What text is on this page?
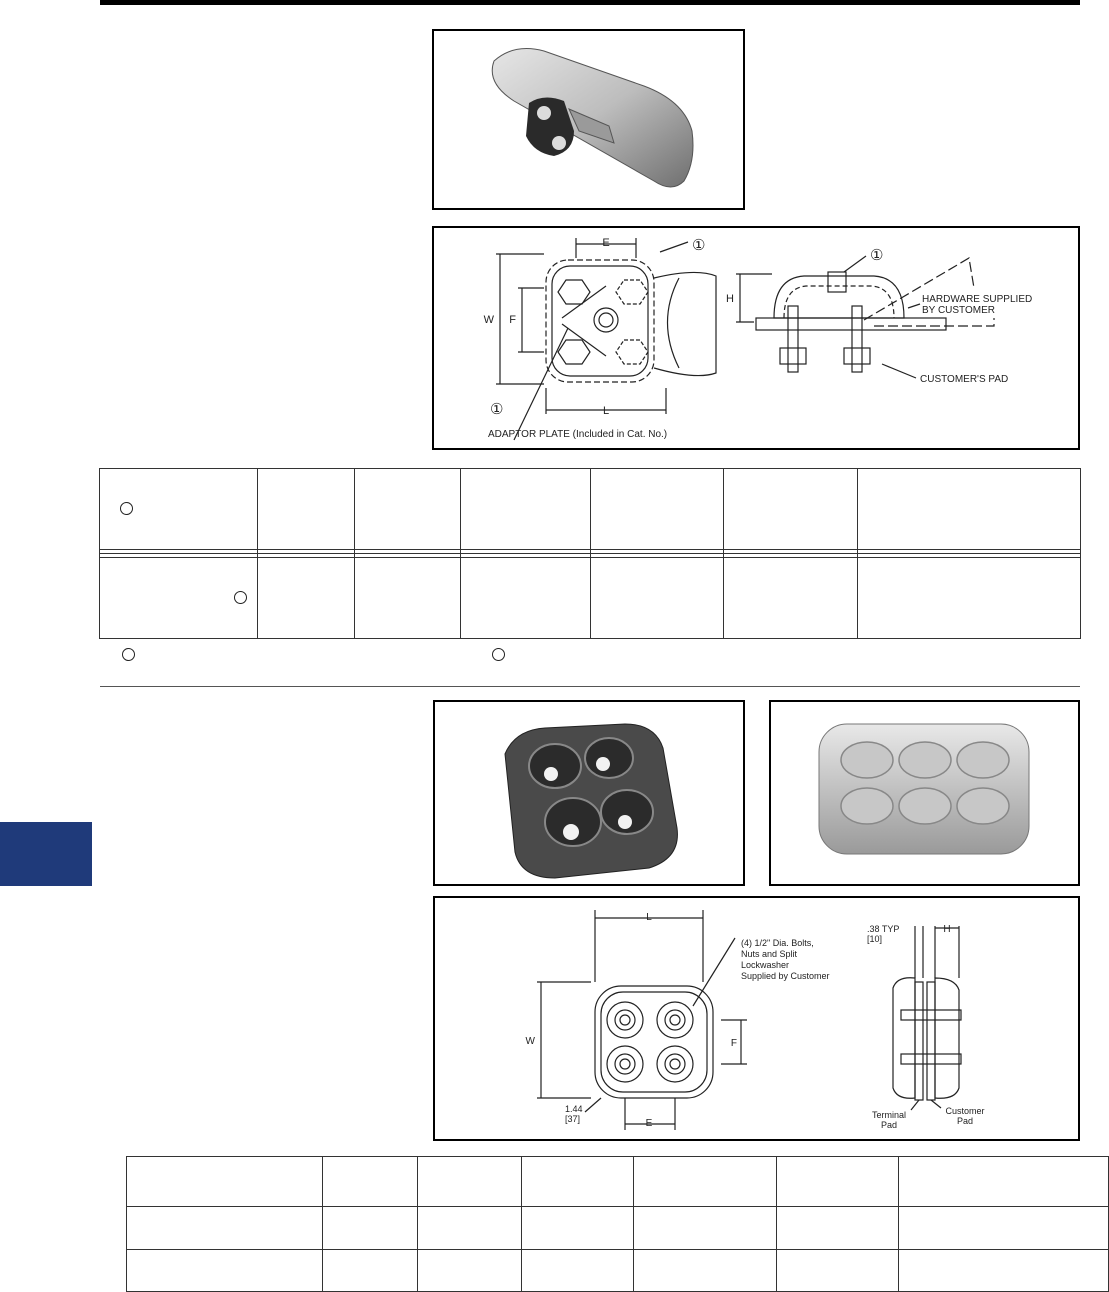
E
W F
L
H
①
①
①
HARDWARE SUPPLIED
BY CUSTOMER
CUSTOMER'S PAD
ADAPTOR PLATE (Included in Cat. No.)

L
W	F
E
H
.38 TYP
[10]
1.44
[37]
(4) 1/2" Dia. Bolts,
Nuts and Split
Lockwasher
Supplied by Customer
Terminal
Pad
Customer
Pad
